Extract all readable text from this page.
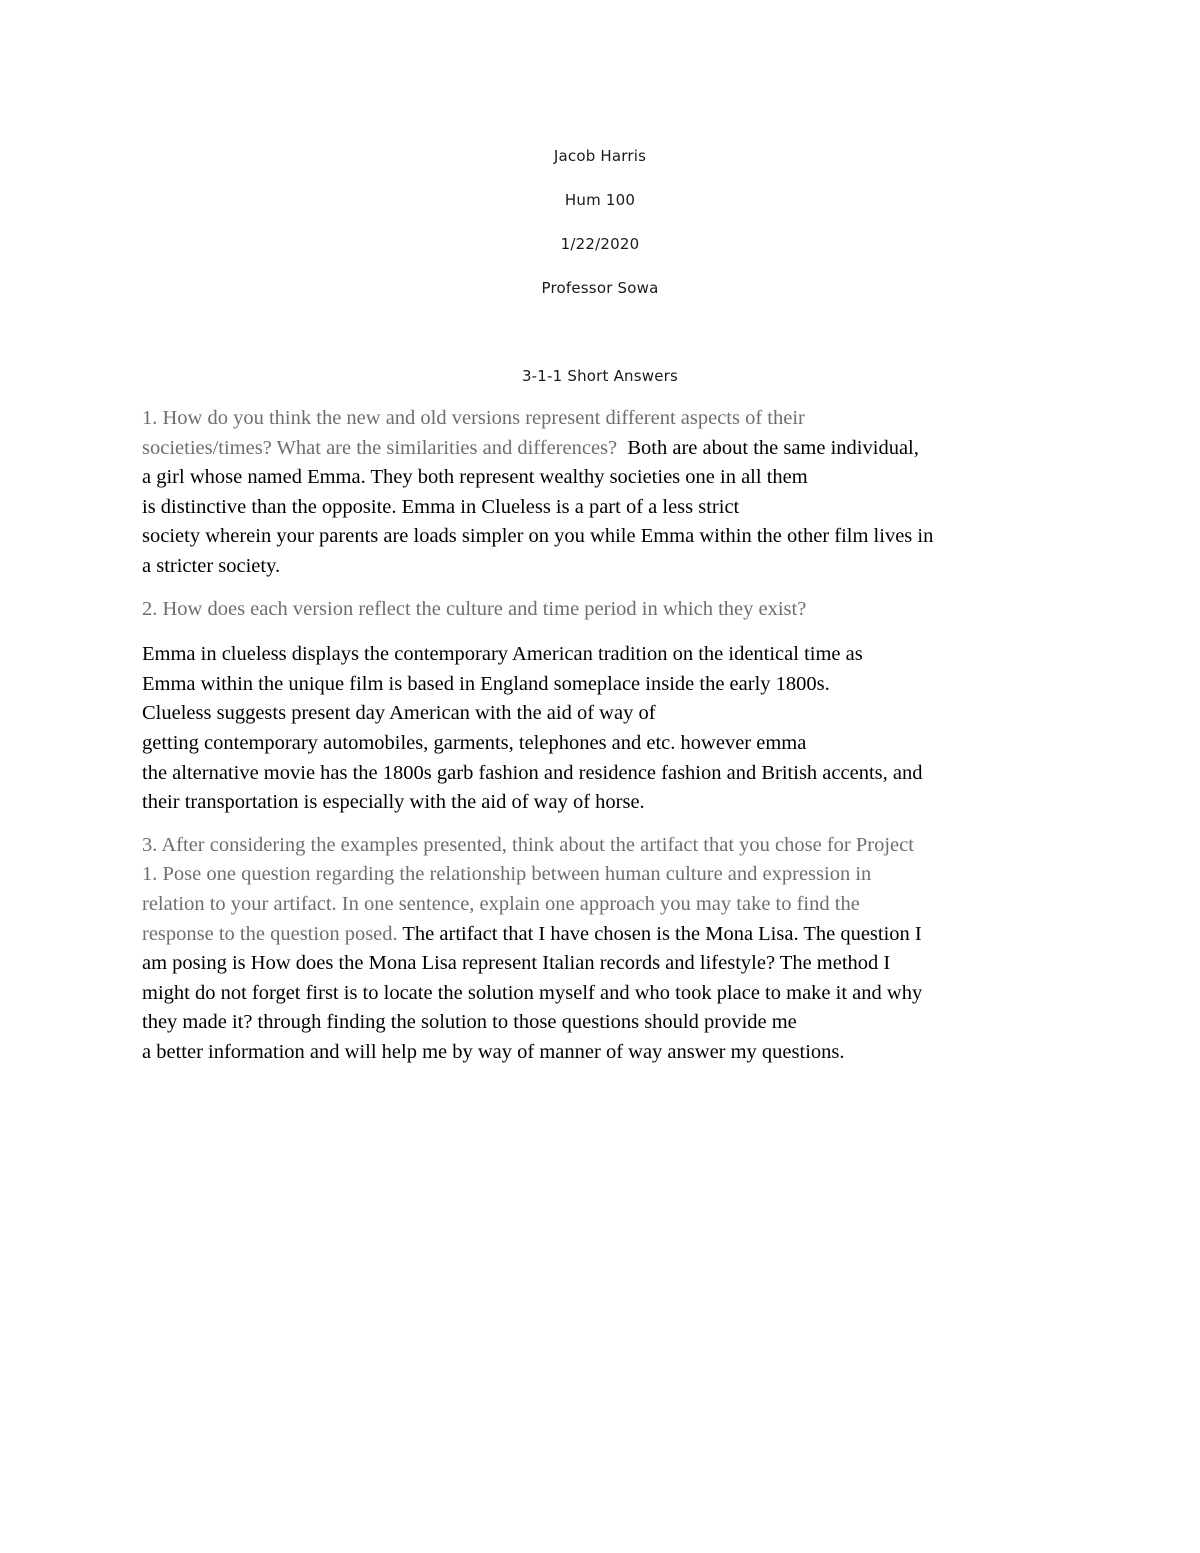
Jacob Harris
Hum 100
1/22/2020
Professor Sowa
3-1-1 Short Answers
1. How do you think the new and old versions represent different aspects of their
societies/times? What are the similarities and differences?  Both are about the same individual,
a girl whose named Emma. They both represent wealthy societies one in all them
is distinctive than the opposite. Emma in Clueless is a part of a less strict
society wherein your parents are loads simpler on you while Emma within the other film lives in
a stricter society.
2. How does each version reflect the culture and time period in which they exist?
Emma in clueless displays the contemporary American tradition on the identical time as
Emma within the unique film is based in England someplace inside the early 1800s.
Clueless suggests present day American with the aid of way of
getting contemporary automobiles, garments, telephones and etc. however emma
the alternative movie has the 1800s garb fashion and residence fashion and British accents, and
their transportation is especially with the aid of way of horse.
3. After considering the examples presented, think about the artifact that you chose for Project
1. Pose one question regarding the relationship between human culture and expression in
relation to your artifact. In one sentence, explain one approach you may take to find the
response to the question posed. The artifact that I have chosen is the Mona Lisa. The question I
am posing is How does the Mona Lisa represent Italian records and lifestyle? The method I
might do not forget first is to locate the solution myself and who took place to make it and why
they made it? through finding the solution to those questions should provide me
a better information and will help me by way of manner of way answer my questions.
